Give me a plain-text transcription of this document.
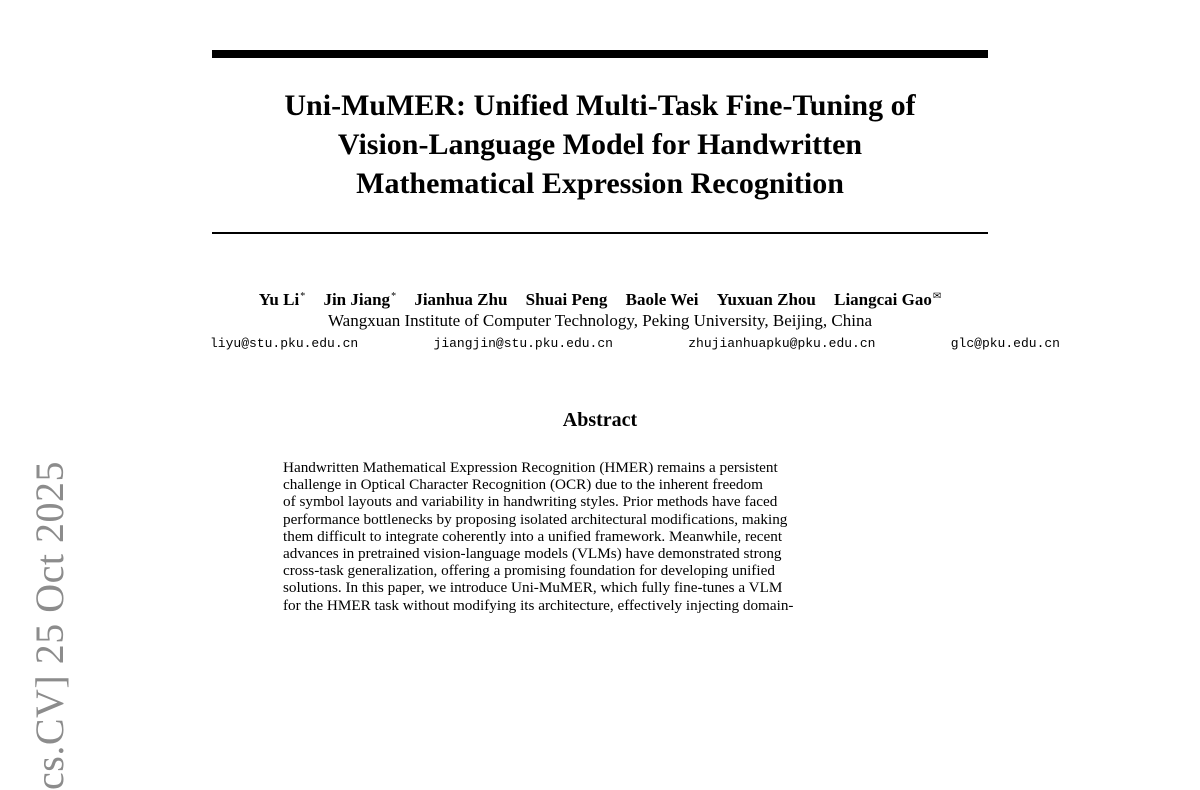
Uni-MuMER: Unified Multi-Task Fine-Tuning of
Vision-Language Model for Handwritten
Mathematical Expression Recognition
Yu Li* Jin Jiang* Jianhua Zhu Shuai Peng Baole Wei Yuxuan Zhou Liangcai Gao✉
Wangxuan Institute of Computer Technology, Peking University, Beijing, China
liyu@stu.pku.edu.cn	jiangjin@stu.pku.edu.cn	zhujianhuapku@pku.edu.cn	glc@pku.edu.cn
cs.CV] 25 Oct 2025
Abstract
Handwritten Mathematical Expression Recognition (HMER) remains a persistent
challenge in Optical Character Recognition (OCR) due to the inherent freedom
of symbol layouts and variability in handwriting styles. Prior methods have faced
performance bottlenecks by proposing isolated architectural modifications, making
them difficult to integrate coherently into a unified framework. Meanwhile, recent
advances in pretrained vision-language models (VLMs) have demonstrated strong
cross-task generalization, offering a promising foundation for developing unified
solutions. In this paper, we introduce Uni-MuMER, which fully fine-tunes a VLM
for the HMER task without modifying its architecture, effectively injecting domain-
